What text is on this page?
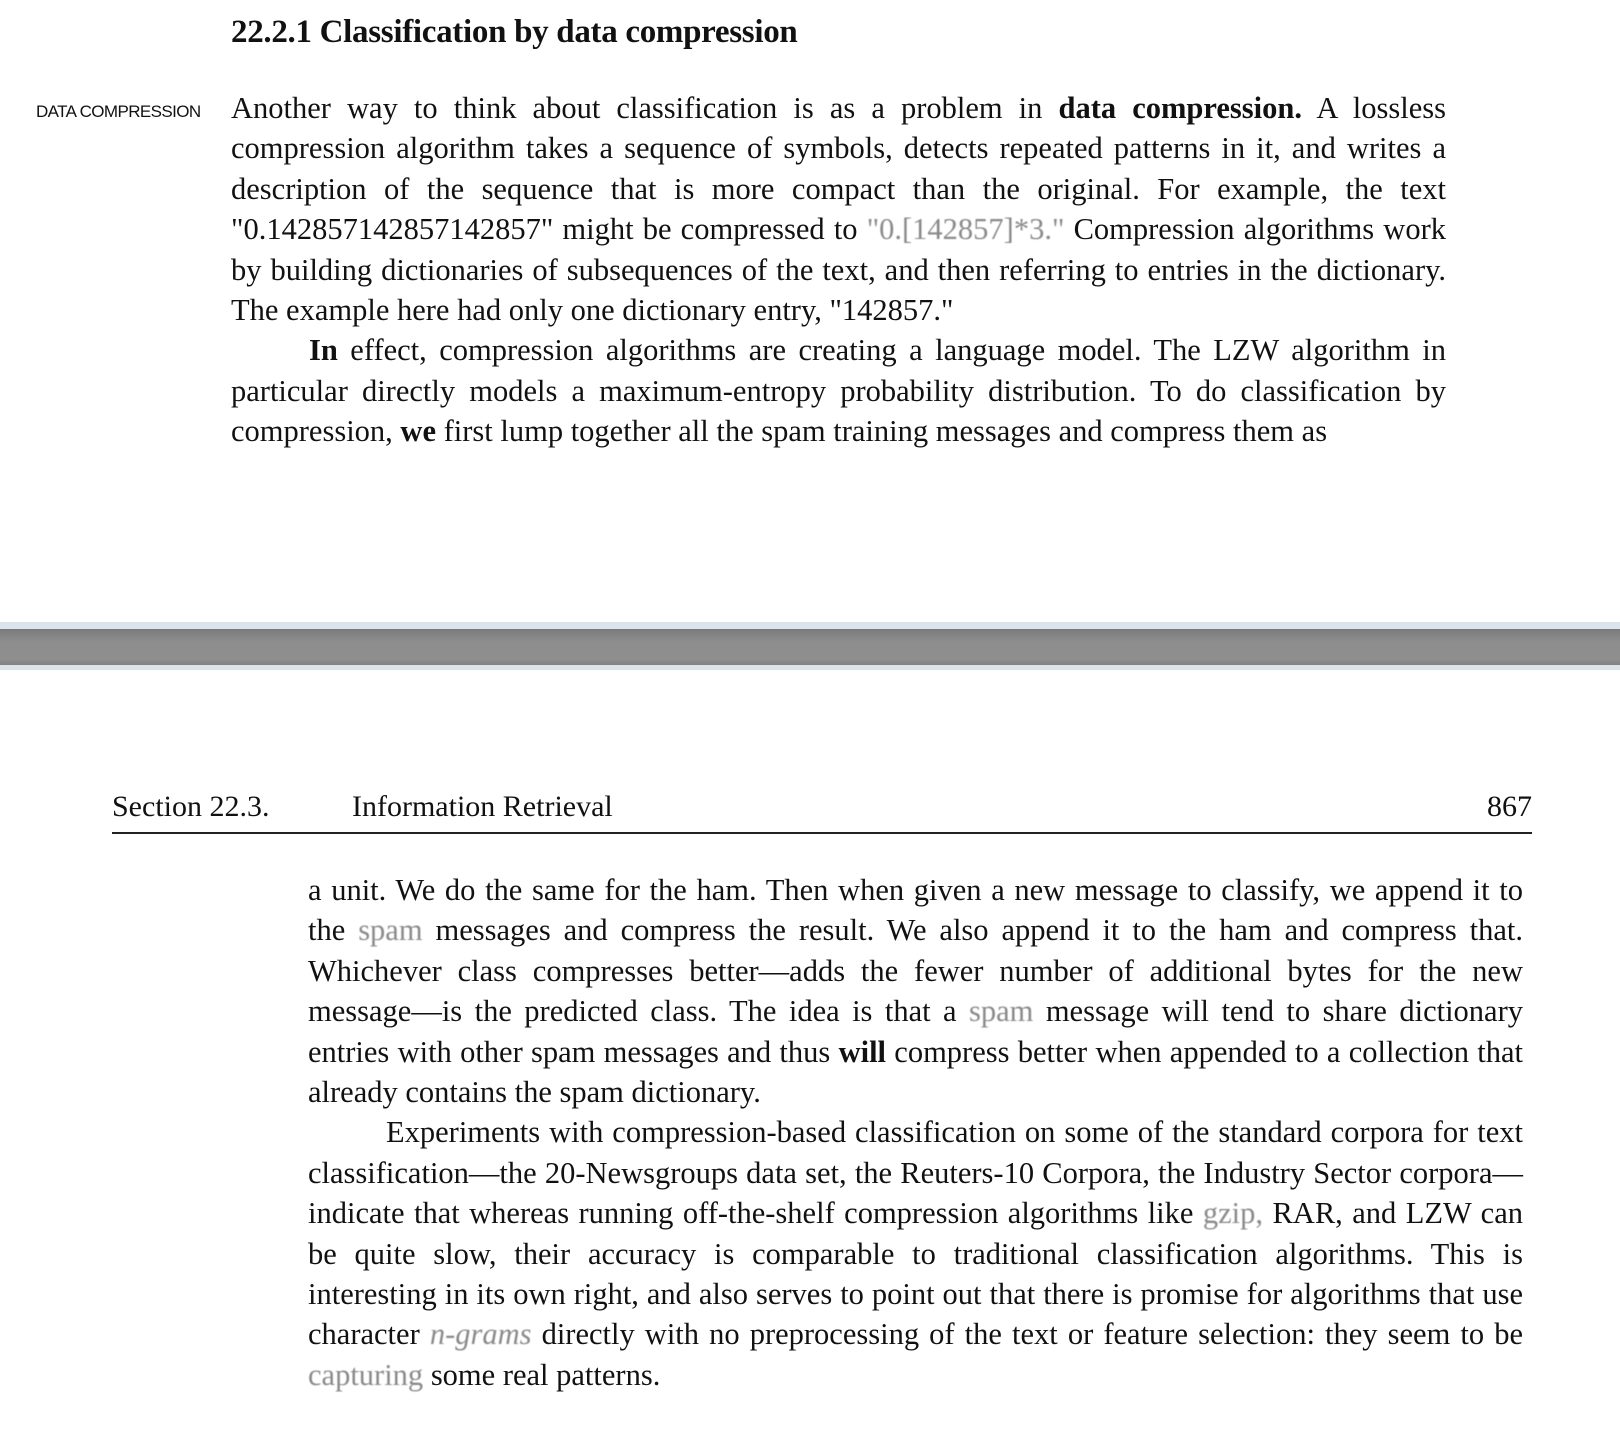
22.2.1 Classification by data compression
DATA COMPRESSION Another way to think about classification is as a problem in data compression. A lossless compression algorithm takes a sequence of symbols, detects repeated patterns in it, and writes a description of the sequence that is more compact than the original. For example, the text "0.142857142857142857" might be compressed to "0.[142857]*3." Compression algorithms work by building dictionaries of subsequences of the text, and then referring to entries in the dictionary. The example here had only one dictionary entry, "142857."

In effect, compression algorithms are creating a language model. The LZW algorithm in particular directly models a maximum-entropy probability distribution. To do classification by compression, we first lump together all the spam training messages and compress them as

Section 22.3.	Information Retrieval	867

a unit. We do the same for the ham. Then when given a new message to classify, we append it to the spam messages and compress the result. We also append it to the ham and compress that. Whichever class compresses better—adds the fewer number of additional bytes for the new message—is the predicted class. The idea is that a spam message will tend to share dictionary entries with other spam messages and thus will compress better when appended to a collection that already contains the spam dictionary.

Experiments with compression-based classification on some of the standard corpora for text classification—the 20-Newsgroups data set, the Reuters-10 Corpora, the Industry Sector corpora—indicate that whereas running off-the-shelf compression algorithms like gzip, RAR, and LZW can be quite slow, their accuracy is comparable to traditional classification algorithms. This is interesting in its own right, and also serves to point out that there is promise for algorithms that use character n-grams directly with no preprocessing of the text or feature selection: they seem to be capturing some real patterns.
